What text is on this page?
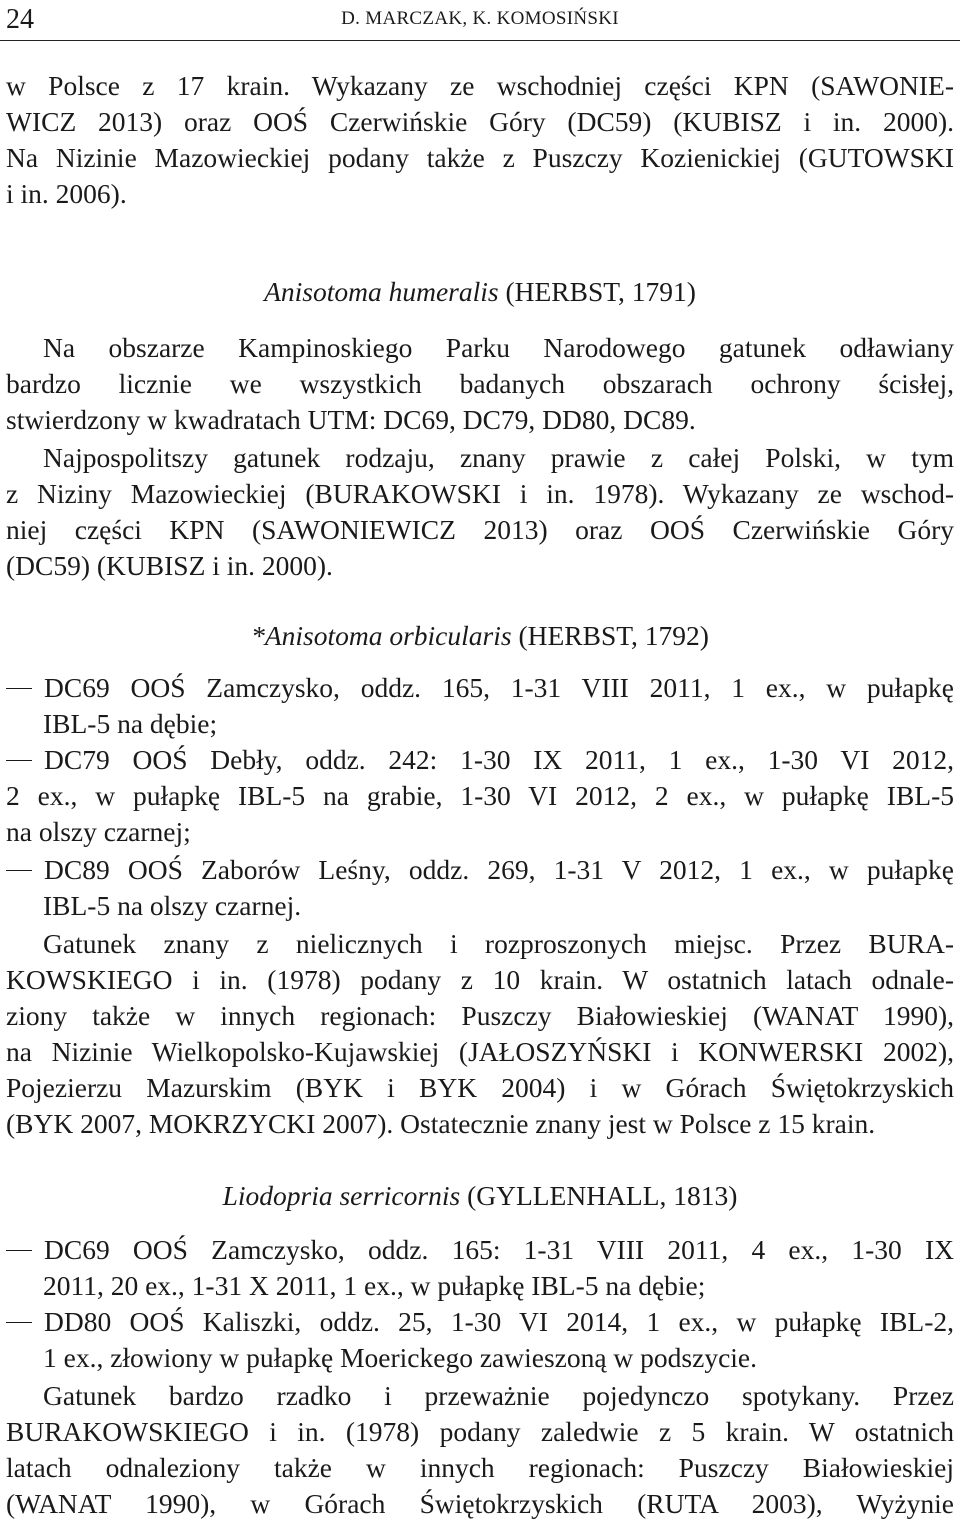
24	D. MARCZAK, K. KOMOSIŃSKI
w Polsce z 17 krain. Wykazany ze wschodniej części KPN (SAWONIE-
WICZ 2013) oraz OOŚ Czerwińskie Góry (DC59) (KUBISZ i in. 2000).
Na Nizinie Mazowieckiej podany także z Puszczy Kozienickiej (GUTOWSKI
i in. 2006).
Anisotoma humeralis (HERBST, 1791)
Na obszarze Kampinoskiego Parku Narodowego gatunek odławiany
bardzo licznie we wszystkich badanych obszarach ochrony ścisłej,
stwierdzony w kwadratach UTM: DC69, DC79, DD80, DC89.
Najpospolitszy gatunek rodzaju, znany prawie z całej Polski, w tym
z Niziny Mazowieckiej (BURAKOWSKI i in. 1978). Wykazany ze wschod-
niej części KPN (SAWONIEWICZ 2013) oraz OOŚ Czerwińskie Góry
(DC59) (KUBISZ i in. 2000).
*Anisotoma orbicularis (HERBST, 1792)
DC69 OOŚ Zamczysko, oddz. 165, 1-31 VIII 2011, 1 ex., w pułapkę
IBL-5 na dębie;
DC79 OOŚ Debły, oddz. 242: 1-30 IX 2011, 1 ex., 1-30 VI 2012,
2 ex., w pułapkę IBL-5 na grabie, 1-30 VI 2012, 2 ex., w pułapkę IBL-5
na olszy czarnej;
DC89 OOŚ Zaborów Leśny, oddz. 269, 1-31 V 2012, 1 ex., w pułapkę
IBL-5 na olszy czarnej.
Gatunek znany z nielicznych i rozproszonych miejsc. Przez BURA-
KOWSKIEGO i in. (1978) podany z 10 krain. W ostatnich latach odnale-
ziony także w innych regionach: Puszczy Białowieskiej (WANAT 1990),
na Nizinie Wielkopolsko-Kujawskiej (JAŁOSZYŃSKI i KONWERSKI 2002),
Pojezierzu Mazurskim (BYK i BYK 2004) i w Górach Świętokrzyskich
(BYK 2007, MOKRZYCKI 2007). Ostatecznie znany jest w Polsce z 15 krain.
Liodopria serricornis (GYLLENHALL, 1813)
DC69 OOŚ Zamczysko, oddz. 165: 1-31 VIII 2011, 4 ex., 1-30 IX
2011, 20 ex., 1-31 X 2011, 1 ex., w pułapkę IBL-5 na dębie;
DD80 OOŚ Kaliszki, oddz. 25, 1-30 VI 2014, 1 ex., w pułapkę IBL-2,
1 ex., złowiony w pułapkę Moerickego zawieszoną w podszycie.
Gatunek bardzo rzadko i przeważnie pojedynczo spotykany. Przez
BURAKOWSKIEGO i in. (1978) podany zaledwie z 5 krain. W ostatnich
latach odnaleziony także w innych regionach: Puszczy Białowieskiej
(WANAT 1990), w Górach Świętokrzyskich (RUTA 2003), Wyżynie
